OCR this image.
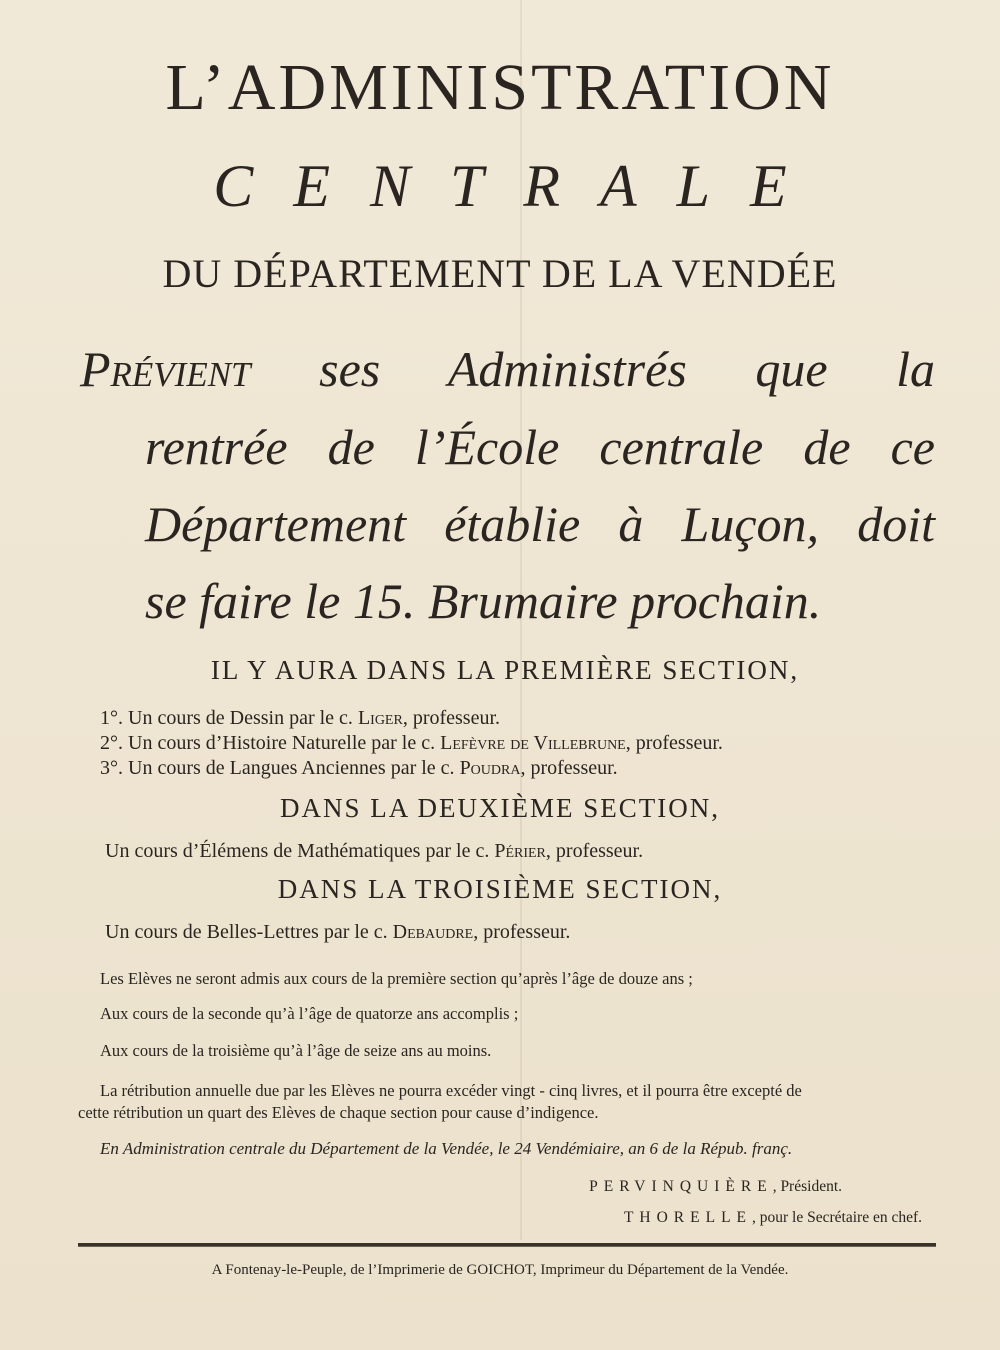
L’ADMINISTRATION
CENTRALE
DU DÉPARTEMENT DE LA VENDÉE
Prévient ses Administrés que la
rentrée de l’École centrale de ce
Département établie à Luçon, doit
se faire le 15. Brumaire prochain.
IL Y AURA DANS LA PREMIÈRE SECTION,
1°. Un cours de Dessin par le c. Liger, professeur.
2°. Un cours d’Histoire Naturelle par le c. Lefèvre de Villebrune, professeur.
3°. Un cours de Langues Anciennes par le c. Poudra, professeur.
DANS LA DEUXIÈME SECTION,
Un cours d’Élémens de Mathématiques par le c. Périer, professeur.
DANS LA TROISIÈME SECTION,
Un cours de Belles-Lettres par le c. Debaudre, professeur.
Les Elèves ne seront admis aux cours de la première section qu’après l’âge de douze ans ;
Aux cours de la seconde qu’à l’âge de quatorze ans accomplis ;
Aux cours de la troisième qu’à l’âge de seize ans au moins.
La rétribution annuelle due par les Elèves ne pourra excéder vingt - cinq livres, et il pourra être excepté de
cette rétribution un quart des Elèves de chaque section pour cause d’indigence.
En Administration centrale du Département de la Vendée, le 24 Vendémiaire, an 6 de la Répub. franç.
PERVINQUIÈRE, Président.
THORELLE, pour le Secrétaire en chef.
A Fontenay-le-Peuple, de l’Imprimerie de GOICHOT, Imprimeur du Département de la Vendée.
